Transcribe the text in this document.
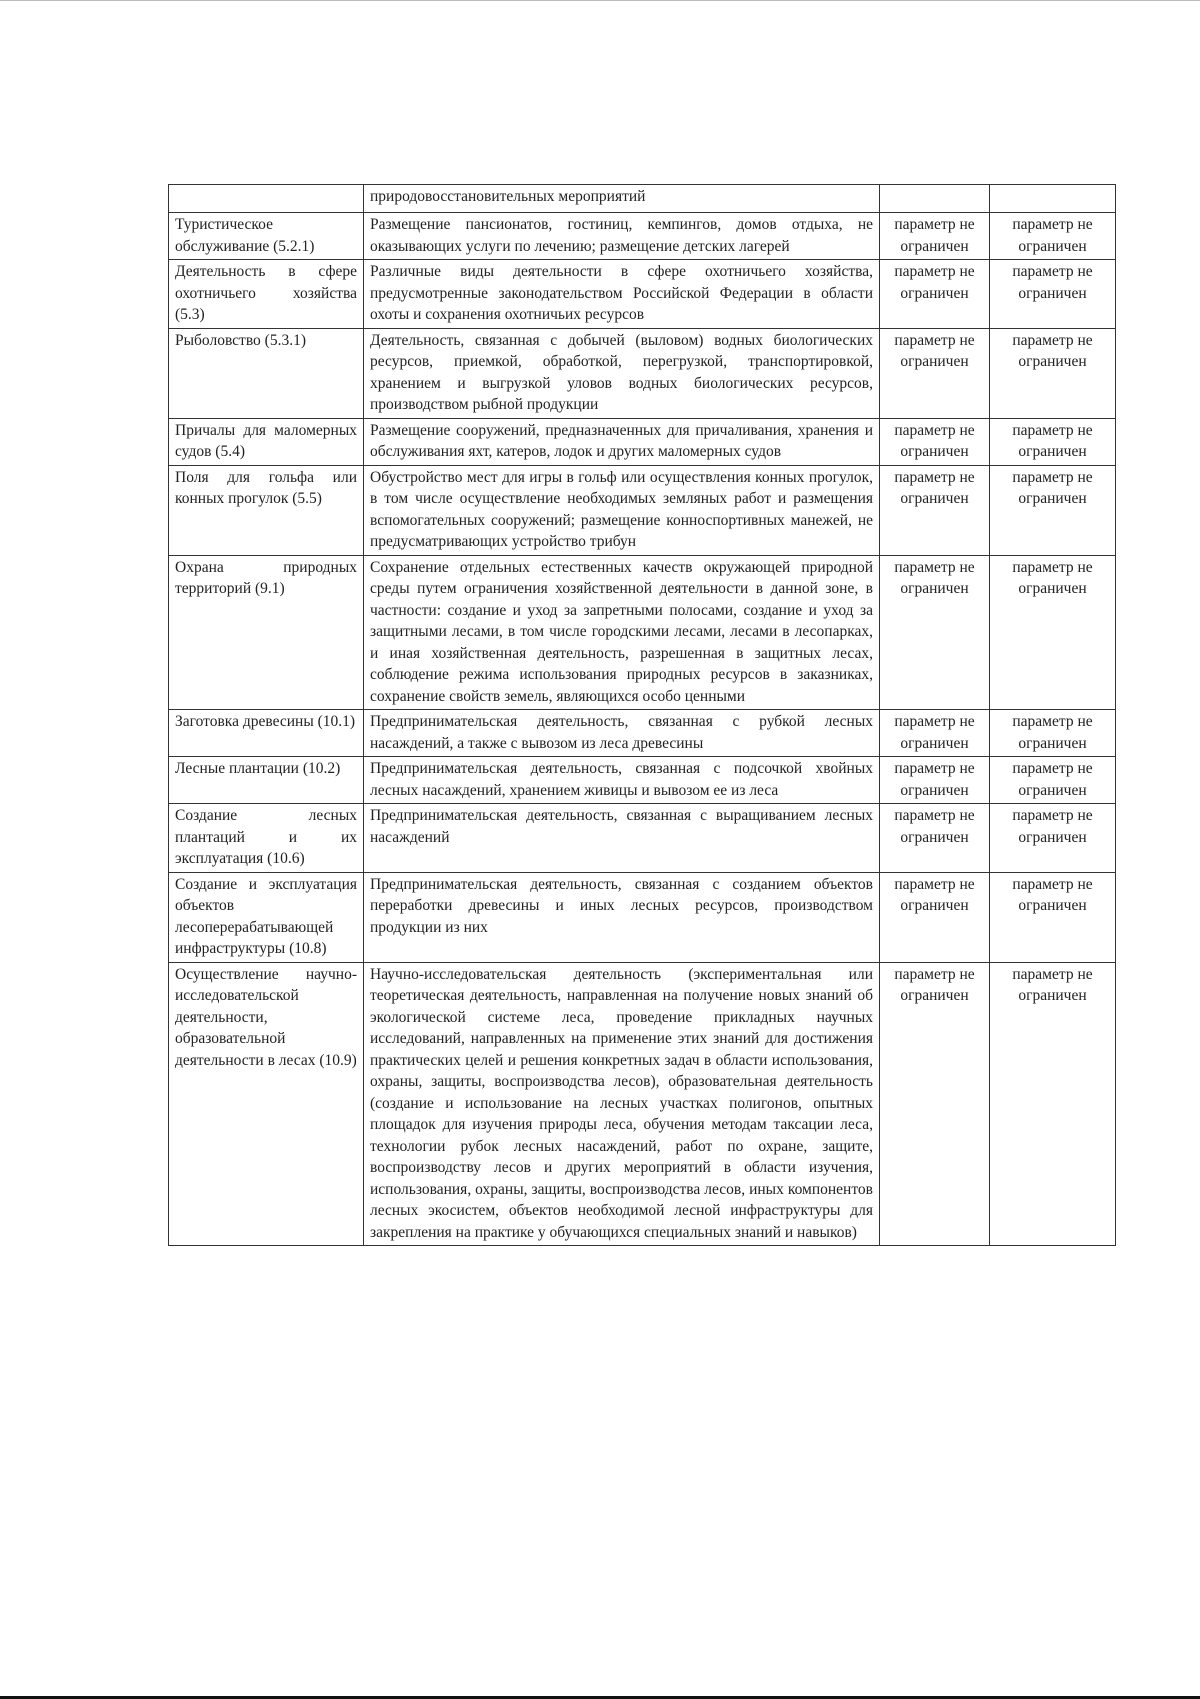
	природовосстановительных мероприятий		
Туристическое обслуживание (5.2.1)	Размещение пансионатов, гостиниц, кемпингов, домов отдыха, не оказывающих услуги по лечению; размещение детских лагерей	параметр не ограничен	параметр не ограничен
Деятельность в сфере охотничьего хозяйства (5.3)	Различные виды деятельности в сфере охотничьего хозяйства, предусмотренные законодательством Российской Федерации в области охоты и сохранения охотничьих ресурсов	параметр не ограничен	параметр не ограничен
Рыболовство (5.3.1)	Деятельность, связанная с добычей (выловом) водных биологических ресурсов, приемкой, обработкой, перегрузкой, транспортировкой, хранением и выгрузкой уловов водных биологических ресурсов, производством рыбной продукции	параметр не ограничен	параметр не ограничен
Причалы для маломерных судов (5.4)	Размещение сооружений, предназначенных для причаливания, хранения и обслуживания яхт, катеров, лодок и других маломерных судов	параметр не ограничен	параметр не ограничен
Поля для гольфа или конных прогулок (5.5)	Обустройство мест для игры в гольф или осуществления конных прогулок, в том числе осуществление необходимых земляных работ и размещения вспомогательных сооружений; размещение конноспортивных манежей, не предусматривающих устройство трибун	параметр не ограничен	параметр не ограничен
Охрана природных территорий (9.1)	Сохранение отдельных естественных качеств окружающей природной среды путем ограничения хозяйственной деятельности в данной зоне, в частности: создание и уход за запретными полосами, создание и уход за защитными лесами, в том числе городскими лесами, лесами в лесопарках, и иная хозяйственная деятельность, разрешенная в защитных лесах, соблюдение режима использования природных ресурсов в заказниках, сохранение свойств земель, являющихся особо ценными	параметр не ограничен	параметр не ограничен
Заготовка древесины (10.1)	Предпринимательская деятельность, связанная с рубкой лесных насаждений, а также с вывозом из леса древесины	параметр не ограничен	параметр не ограничен
Лесные плантации (10.2)	Предпринимательская деятельность, связанная с подсочкой хвойных лесных насаждений, хранением живицы и вывозом ее из леса	параметр не ограничен	параметр не ограничен
Создание лесных плантаций и их эксплуатация (10.6)	Предпринимательская деятельность, связанная с выращиванием лесных насаждений	параметр не ограничен	параметр не ограничен
Создание и эксплуатация объектов лесоперерабатывающей инфраструктуры (10.8)	Предпринимательская деятельность, связанная с созданием объектов переработки древесины и иных лесных ресурсов, производством продукции из них	параметр не ограничен	параметр не ограничен
Осуществление научно-исследовательской деятельности, образовательной деятельности в лесах (10.9)	Научно-исследовательская деятельность (экспериментальная или теоретическая деятельность, направленная на получение новых знаний об экологической системе леса, проведение прикладных научных исследований, направленных на применение этих знаний для достижения практических целей и решения конкретных задач в области использования, охраны, защиты, воспроизводства лесов), образовательная деятельность (создание и использование на лесных участках полигонов, опытных площадок для изучения природы леса, обучения методам таксации леса, технологии рубок лесных насаждений, работ по охране, защите, воспроизводству лесов и других мероприятий в области изучения, использования, охраны, защиты, воспроизводства лесов, иных компонентов лесных экосистем, объектов необходимой лесной инфраструктуры для закрепления на практике у обучающихся специальных знаний и навыков)	параметр не ограничен	параметр не ограничен
